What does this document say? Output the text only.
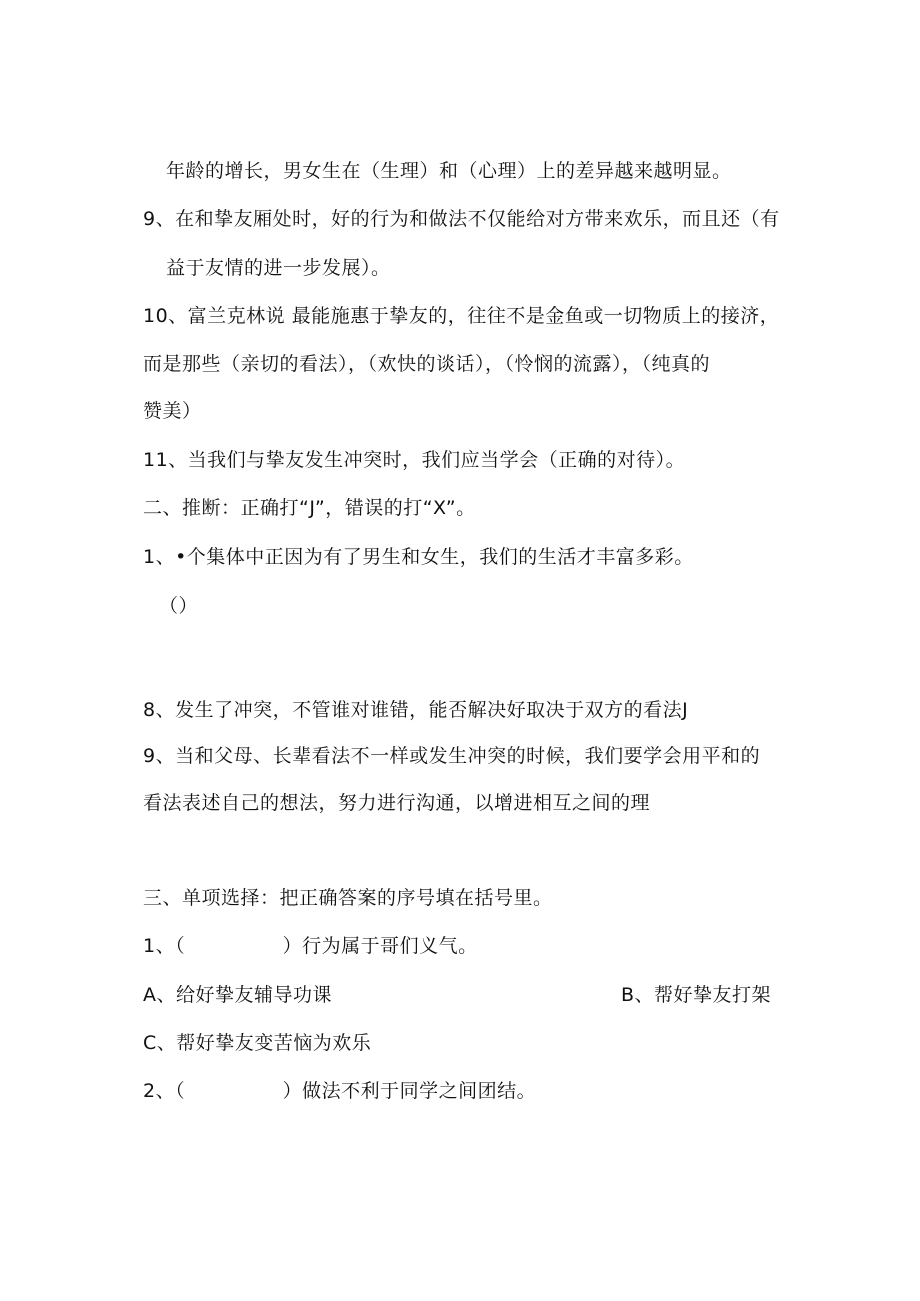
年龄的增长，男女生在（生理）和（心理）上的差异越来越明显。
9、在和挚友厢处时，好的行为和做法不仅能给对方带来欢乐，而且还（有
益于友情的进一步发展）。
10、富兰克林说 最能施惠于挚友的，往往不是金鱼或一切物质上的接济，
而是那些（亲切的看法），（欢快的谈话），（怜悯的流露），（纯真的
赞美）
11、当我们与挚友发生冲突时，我们应当学会（正确的对待）。
二、推断：正确打“J”，错误的打“X”。
1、•个集体中正因为有了男生和女生，我们的生活才丰富多彩。
（）
8、发生了冲突，不管谁对谁错，能否解决好取决于双方的看法J
9、当和父母、长辈看法不一样或发生冲突的时候，我们要学会用平和的
看法表述自己的想法，努力进行沟通，以增进相互之间的理
三、单项选择：把正确答案的序号填在括号里。
1、（　　　　　）行为属于哥们义气。
A、给好挚友辅导功课	B、帮好挚友打架
C、帮好挚友变苦恼为欢乐
2、（　　　　　）做法不利于同学之间团结。
